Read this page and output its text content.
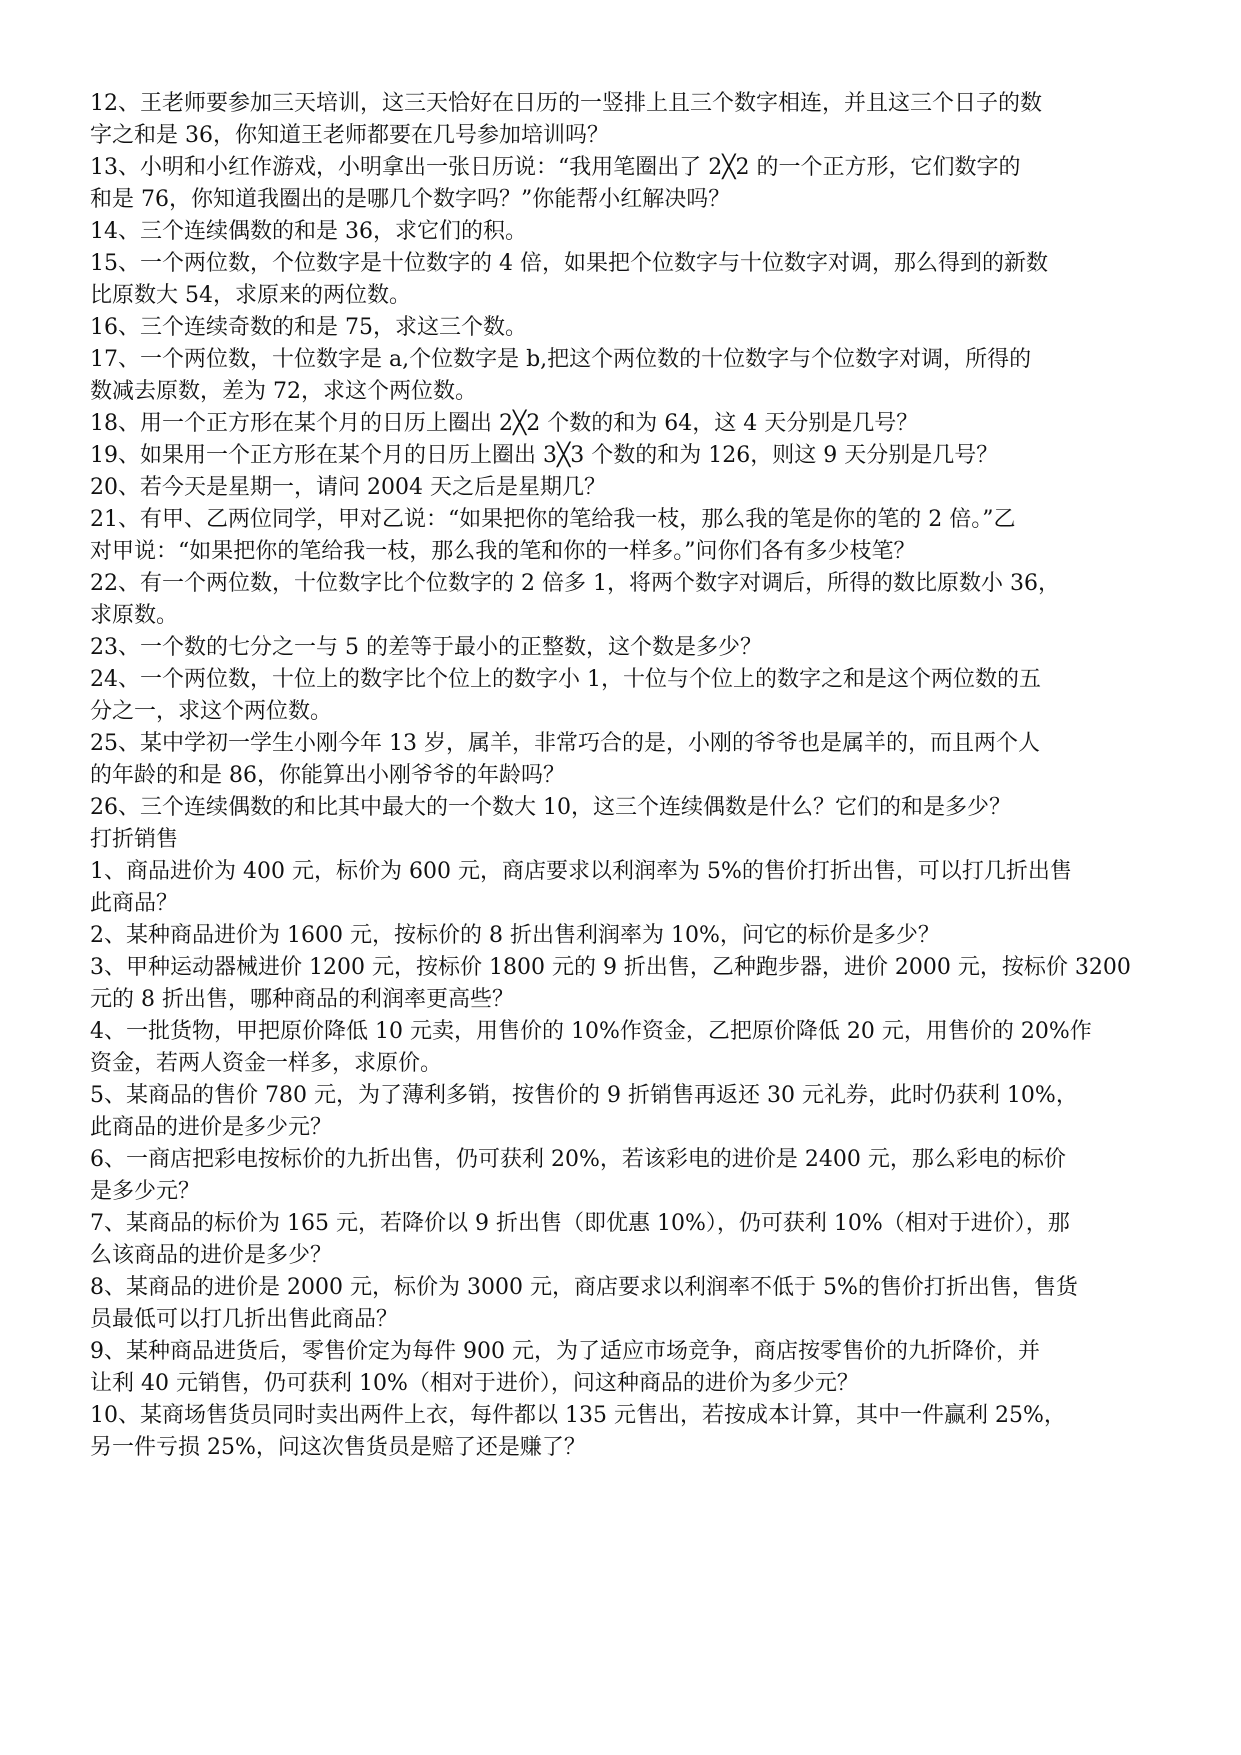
12、王老师要参加三天培训，这三天恰好在日历的一竖排上且三个数字相连，并且这三个日子的数
字之和是 36，你知道王老师都要在几号参加培训吗？
13、小明和小红作游戏，小明拿出一张日历说：“我用笔圈出了 2╳2 的一个正方形，它们数字的
和是 76，你知道我圈出的是哪几个数字吗？”你能帮小红解决吗？
14、三个连续偶数的和是 36，求它们的积。
15、一个两位数，个位数字是十位数字的 4 倍，如果把个位数字与十位数字对调，那么得到的新数
比原数大 54，求原来的两位数。
16、三个连续奇数的和是 75，求这三个数。
17、一个两位数，十位数字是 a,个位数字是 b,把这个两位数的十位数字与个位数字对调，所得的
数减去原数，差为 72，求这个两位数。
18、用一个正方形在某个月的日历上圈出 2╳2 个数的和为 64，这 4 天分别是几号？
19、如果用一个正方形在某个月的日历上圈出 3╳3 个数的和为 126，则这 9 天分别是几号？
20、若今天是星期一，请问 2004 天之后是星期几？
21、有甲、乙两位同学，甲对乙说：“如果把你的笔给我一枝，那么我的笔是你的笔的 2 倍。”乙
对甲说：“如果把你的笔给我一枝，那么我的笔和你的一样多。”问你们各有多少枝笔？
22、有一个两位数，十位数字比个位数字的 2 倍多 1，将两个数字对调后，所得的数比原数小 36，
求原数。
23、一个数的七分之一与 5 的差等于最小的正整数，这个数是多少？
24、一个两位数，十位上的数字比个位上的数字小 1，十位与个位上的数字之和是这个两位数的五
分之一，求这个两位数。
25、某中学初一学生小刚今年 13 岁，属羊，非常巧合的是，小刚的爷爷也是属羊的，而且两个人
的年龄的和是 86，你能算出小刚爷爷的年龄吗？
26、三个连续偶数的和比其中最大的一个数大 10，这三个连续偶数是什么？它们的和是多少？
打折销售
1、商品进价为 400 元，标价为 600 元，商店要求以利润率为 5%的售价打折出售，可以打几折出售
此商品？
2、某种商品进价为 1600 元，按标价的 8 折出售利润率为 10%，问它的标价是多少？
3、甲种运动器械进价 1200 元，按标价 1800 元的 9 折出售，乙种跑步器，进价 2000 元，按标价 3200
元的 8 折出售，哪种商品的利润率更高些？
4、一批货物，甲把原价降低 10 元卖，用售价的 10%作资金，乙把原价降低 20 元，用售价的 20%作
资金，若两人资金一样多，求原价。
5、某商品的售价 780 元，为了薄利多销，按售价的 9 折销售再返还 30 元礼券，此时仍获利 10%，
此商品的进价是多少元？
6、一商店把彩电按标价的九折出售，仍可获利 20%，若该彩电的进价是 2400 元，那么彩电的标价
是多少元？
7、某商品的标价为 165 元，若降价以 9 折出售（即优惠 10%），仍可获利 10%（相对于进价），那
么该商品的进价是多少？
8、某商品的进价是 2000 元，标价为 3000 元，商店要求以利润率不低于 5%的售价打折出售，售货
员最低可以打几折出售此商品？
9、某种商品进货后，零售价定为每件 900 元，为了适应市场竞争，商店按零售价的九折降价，并
让利 40 元销售，仍可获利 10%（相对于进价），问这种商品的进价为多少元？
10、某商场售货员同时卖出两件上衣，每件都以 135 元售出，若按成本计算，其中一件赢利 25%，
另一件亏损 25%，问这次售货员是赔了还是赚了？
